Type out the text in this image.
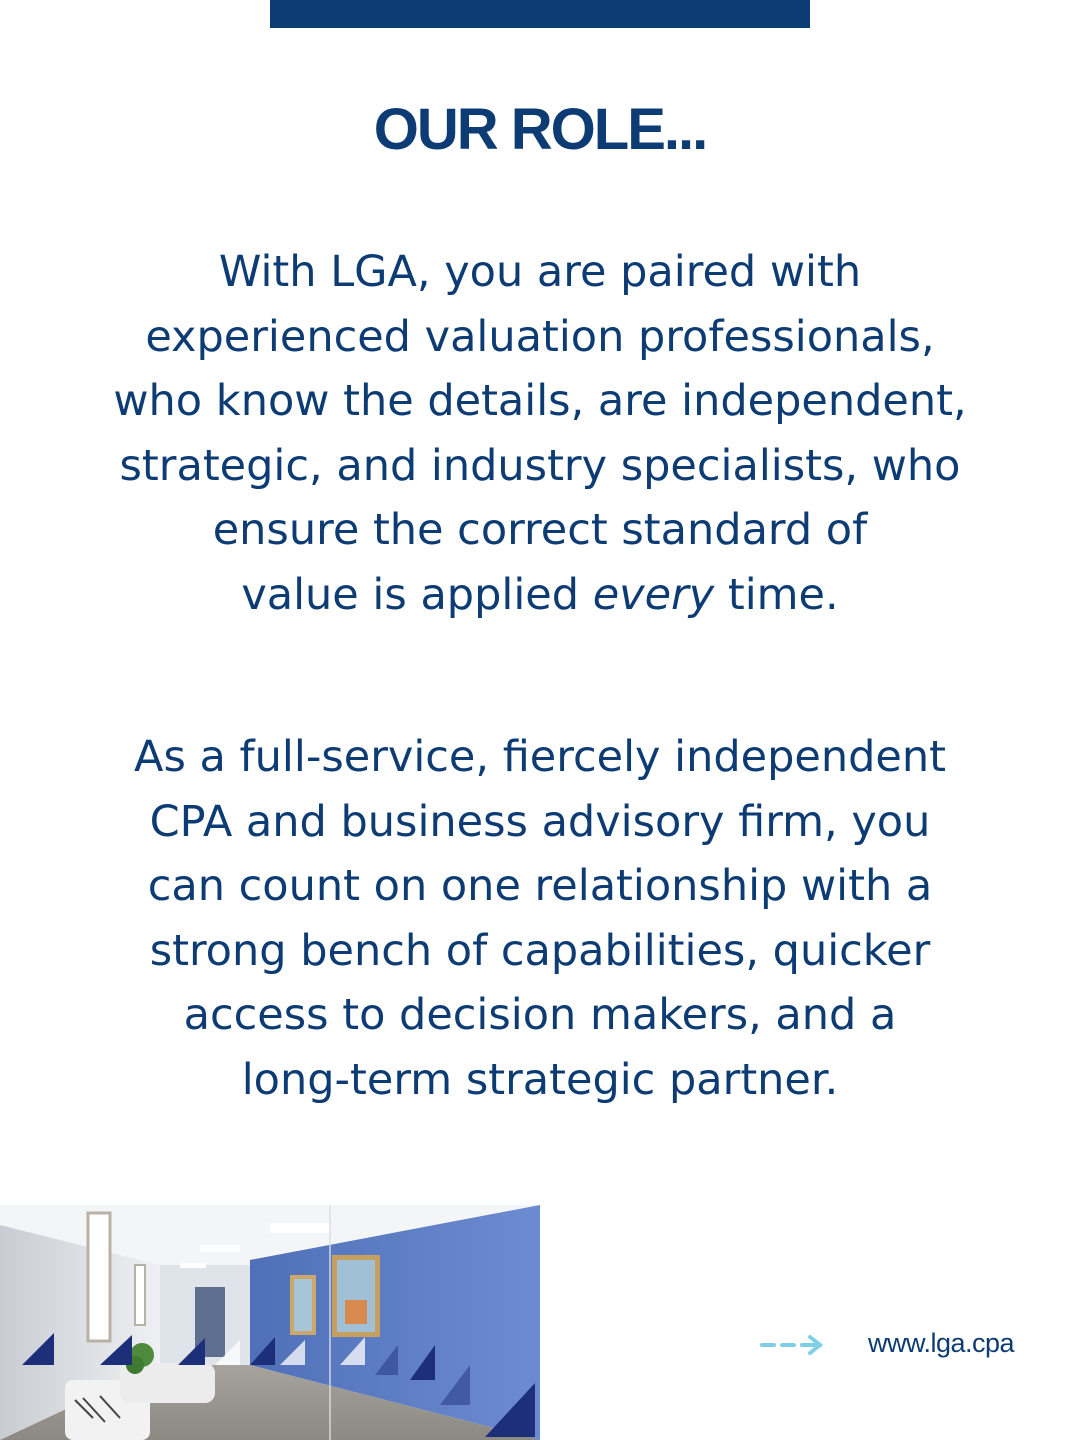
OUR ROLE...

With LGA, you are paired with
experienced valuation professionals,
who know the details, are independent,
strategic, and industry specialists, who
ensure the correct standard of
value is applied every time.

As a full-service, fiercely independent
CPA and business advisory firm, you
can count on one relationship with a
strong bench of capabilities, quicker
access to decision makers, and a
long-term strategic partner.

www.lga.cpa
